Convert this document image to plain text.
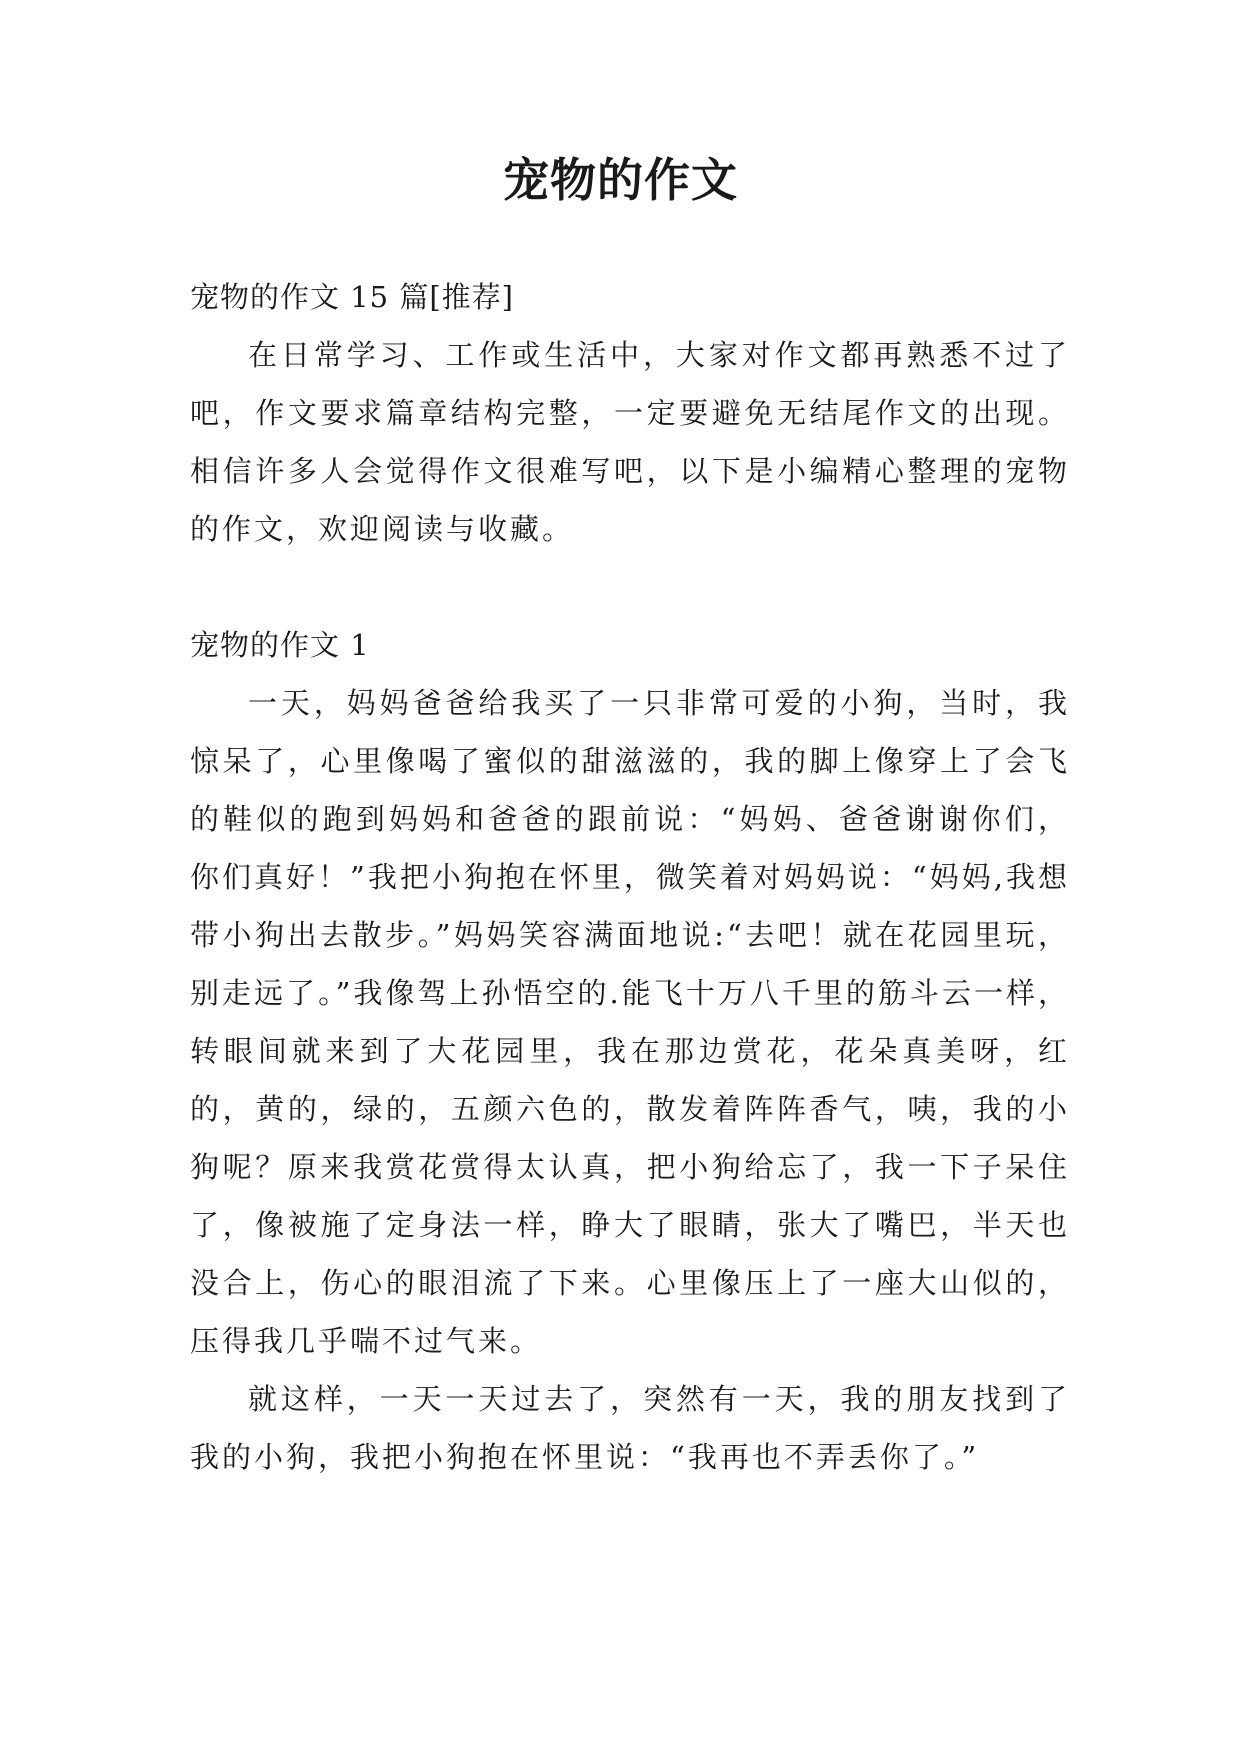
宠物的作文

宠物的作文 15 篇[推荐]

在日常学习、工作或生活中，大家对作文都再熟悉不过了吧，作文要求篇章结构完整，一定要避免无结尾作文的出现。相信许多人会觉得作文很难写吧，以下是小编精心整理的宠物的作文，欢迎阅读与收藏。

宠物的作文 1

一天，妈妈爸爸给我买了一只非常可爱的小狗，当时，我惊呆了，心里像喝了蜜似的甜滋滋的，我的脚上像穿上了会飞的鞋似的跑到妈妈和爸爸的跟前说：“妈妈、爸爸谢谢你们，你们真好！”我把小狗抱在怀里，微笑着对妈妈说：“妈妈,我想带小狗出去散步。”妈妈笑容满面地说:“去吧！就在花园里玩，别走远了。”我像驾上孙悟空的.能飞十万八千里的筋斗云一样，转眼间就来到了大花园里，我在那边赏花，花朵真美呀，红的，黄的，绿的，五颜六色的，散发着阵阵香气，咦，我的小狗呢？原来我赏花赏得太认真，把小狗给忘了，我一下子呆住了，像被施了定身法一样，睁大了眼睛，张大了嘴巴，半天也没合上，伤心的眼泪流了下来。心里像压上了一座大山似的，压得我几乎喘不过气来。

就这样，一天一天过去了，突然有一天，我的朋友找到了我的小狗，我把小狗抱在怀里说：“我再也不弄丢你了。”
